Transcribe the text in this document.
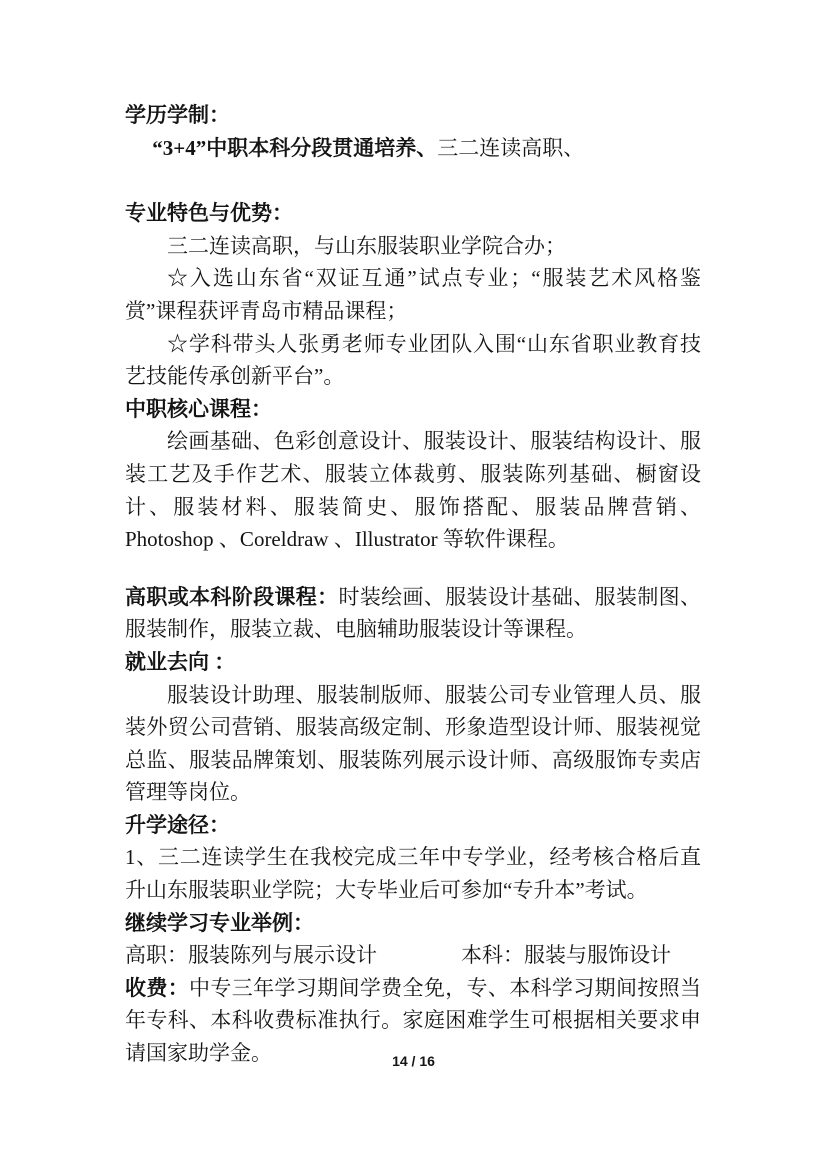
学历学制：

“3+4”中职本科分段贯通培养、三二连读高职、

专业特色与优势：

三二连读高职，与山东服装职业学院合办；

☆入选山东省“双证互通”试点专业；“服装艺术风格鉴赏”课程获评青岛市精品课程；

☆学科带头人张勇老师专业团队入围“山东省职业教育技艺技能传承创新平台”。

中职核心课程：

绘画基础、色彩创意设计、服装设计、服装结构设计、服装工艺及手作艺术、服装立体裁剪、服装陈列基础、橱窗设计、服装材料、服装简史、服饰搭配、服装品牌营销、Photoshop 、Coreldraw 、Illustrator 等软件课程。

高职或本科阶段课程：时装绘画、服装设计基础、服装制图、服装制作，服装立裁、电脑辅助服装设计等课程。

就业去向 ：

服装设计助理、服装制版师、服装公司专业管理人员、服装外贸公司营销、服装高级定制、形象造型设计师、服装视觉总监、服装品牌策划、服装陈列展示设计师、高级服饰专卖店管理等岗位。

升学途径：

1、三二连读学生在我校完成三年中专学业，经考核合格后直升山东服装职业学院；大专毕业后可参加“专升本”考试。

继续学习专业举例：

高职：服装陈列与展示设计　　　　本科：服装与服饰设计

收费：中专三年学习期间学费全免，专、本科学习期间按照当年专科、本科收费标准执行。家庭困难学生可根据相关要求申请国家助学金。	14 / 16
